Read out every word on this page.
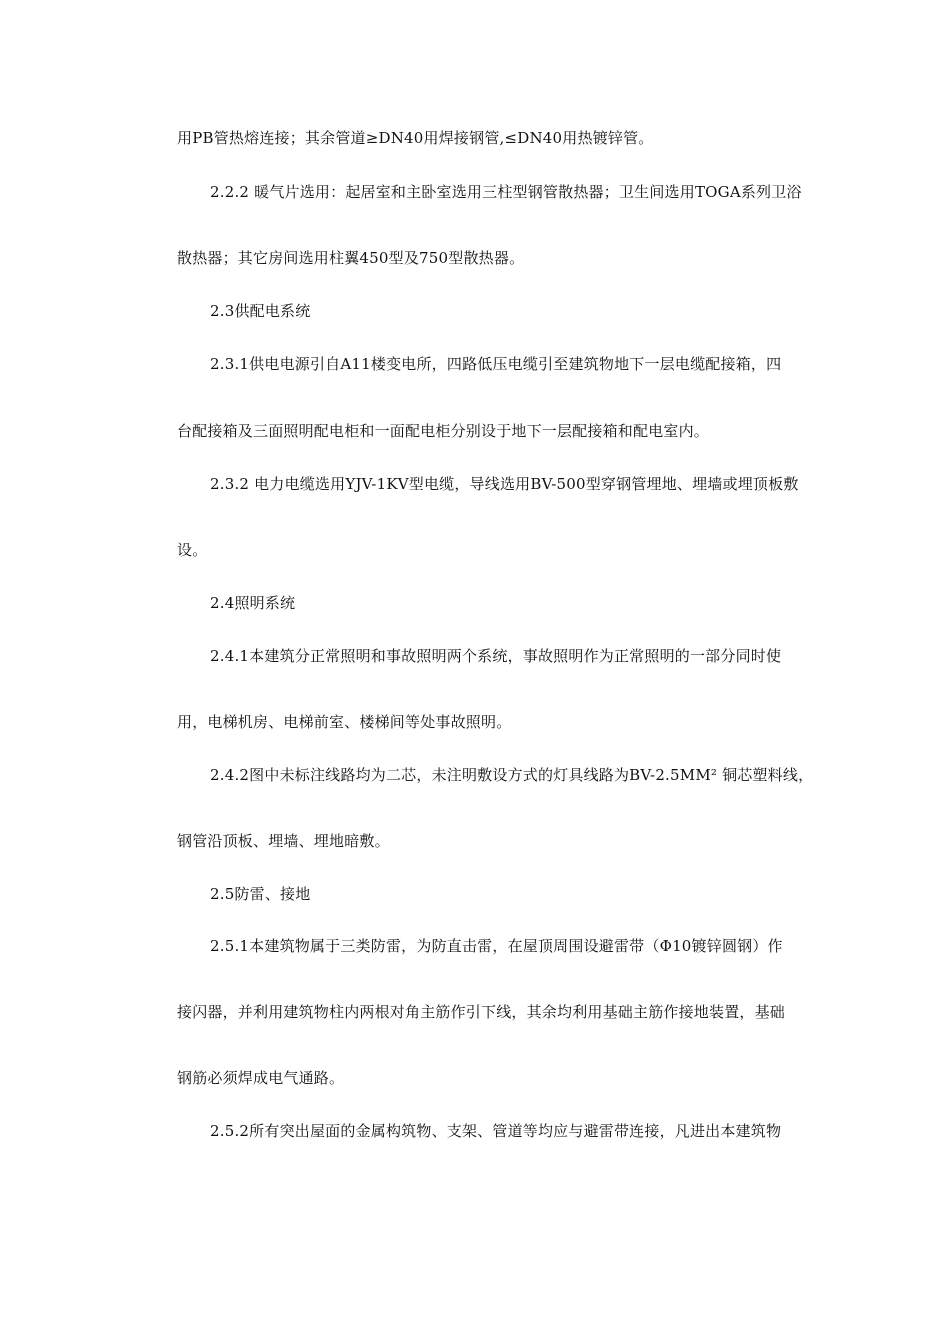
用PB管热熔连接；其余管道≥DN40用焊接钢管,≤DN40用热镀锌管。
2.2.2 暖气片选用：起居室和主卧室选用三柱型钢管散热器；卫生间选用TOGA系列卫浴
散热器；其它房间选用柱翼450型及750型散热器。
2.3供配电系统
2.3.1供电电源引自A11楼变电所，四路低压电缆引至建筑物地下一层电缆配接箱，四
台配接箱及三面照明配电柜和一面配电柜分别设于地下一层配接箱和配电室内。
2.3.2 电力电缆选用YJV-1KV型电缆，导线选用BV-500型穿钢管埋地、埋墙或埋顶板敷
设。
2.4照明系统
2.4.1本建筑分正常照明和事故照明两个系统，事故照明作为正常照明的一部分同时使
用，电梯机房、电梯前室、楼梯间等处事故照明。
2.4.2图中未标注线路均为二芯，未注明敷设方式的灯具线路为BV-2.5MM² 铜芯塑料线，
钢管沿顶板、埋墙、埋地暗敷。
2.5防雷、接地
2.5.1本建筑物属于三类防雷，为防直击雷，在屋顶周围设避雷带（Φ10镀锌圆钢）作
接闪器，并利用建筑物柱内两根对角主筋作引下线，其余均利用基础主筋作接地装置，基础
钢筋必须焊成电气通路。
2.5.2所有突出屋面的金属构筑物、支架、管道等均应与避雷带连接，凡进出本建筑物
